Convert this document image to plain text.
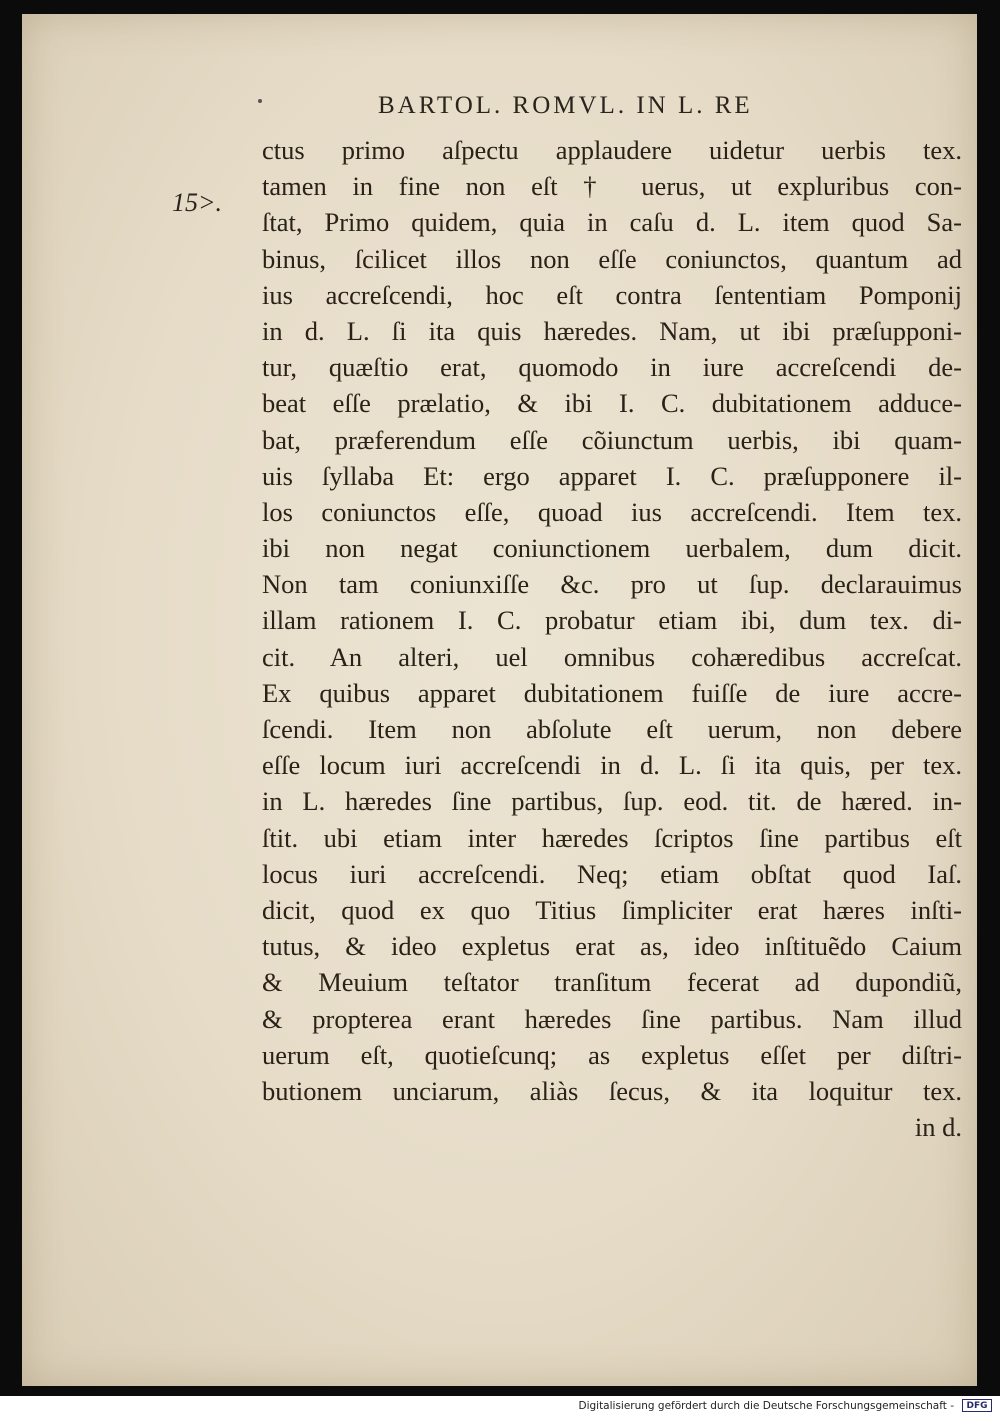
BARTOL. ROMVL. IN L. RE
15>.
ctus primo aſpectu applaudere uidetur uerbis tex.
tamen in fine non eſt † uerus, ut expluribus con-
ſtat, Primo quidem, quia in caſu d. L. item quod Sa-
binus, ſcilicet illos non eſſe coniunctos, quantum ad
ius accreſcendi, hoc eſt contra ſententiam Pomponij
in d. L. ſi ita quis hæredes. Nam, ut ibi præſupponi-
tur, quæſtio erat, quomodo in iure accreſcendi de-
beat eſſe prælatio, & ibi I. C. dubitationem adduce-
bat, præferendum eſſe cõiunctum uerbis, ibi quam-
uis ſyllaba Et: ergo apparet I. C. præſupponere il-
los coniunctos eſſe, quoad ius accreſcendi. Item tex.
ibi non negat coniunctionem uerbalem, dum dicit.
Non tam coniunxiſſe &c. pro ut ſup. declarauimus
illam rationem I. C. probatur etiam ibi, dum tex. di-
cit. An alteri, uel omnibus cohæredibus accreſcat.
Ex quibus apparet dubitationem fuiſſe de iure accre-
ſcendi. Item non abſolute eſt uerum, non debere
eſſe locum iuri accreſcendi in d. L. ſi ita quis, per tex.
in L. hæredes ſine partibus, ſup. eod. tit. de hæred. in-
ſtit. ubi etiam inter hæredes ſcriptos ſine partibus eſt
locus iuri accreſcendi. Neq; etiam obſtat quod Iaſ.
dicit, quod ex quo Titius ſimpliciter erat hæres inſti-
tutus, & ideo expletus erat as, ideo inſtituẽdo Caium
& Meuium teſtator tranſitum fecerat ad dupondiũ,
& propterea erant hæredes ſine partibus. Nam illud
uerum eſt, quotieſcunq; as expletus eſſet per diſtri-
butionem unciarum, aliàs ſecus, & ita loquitur tex.
in d.
Digitalisierung gefördert durch die Deutsche Forschungsgemeinschaft -	DFG
